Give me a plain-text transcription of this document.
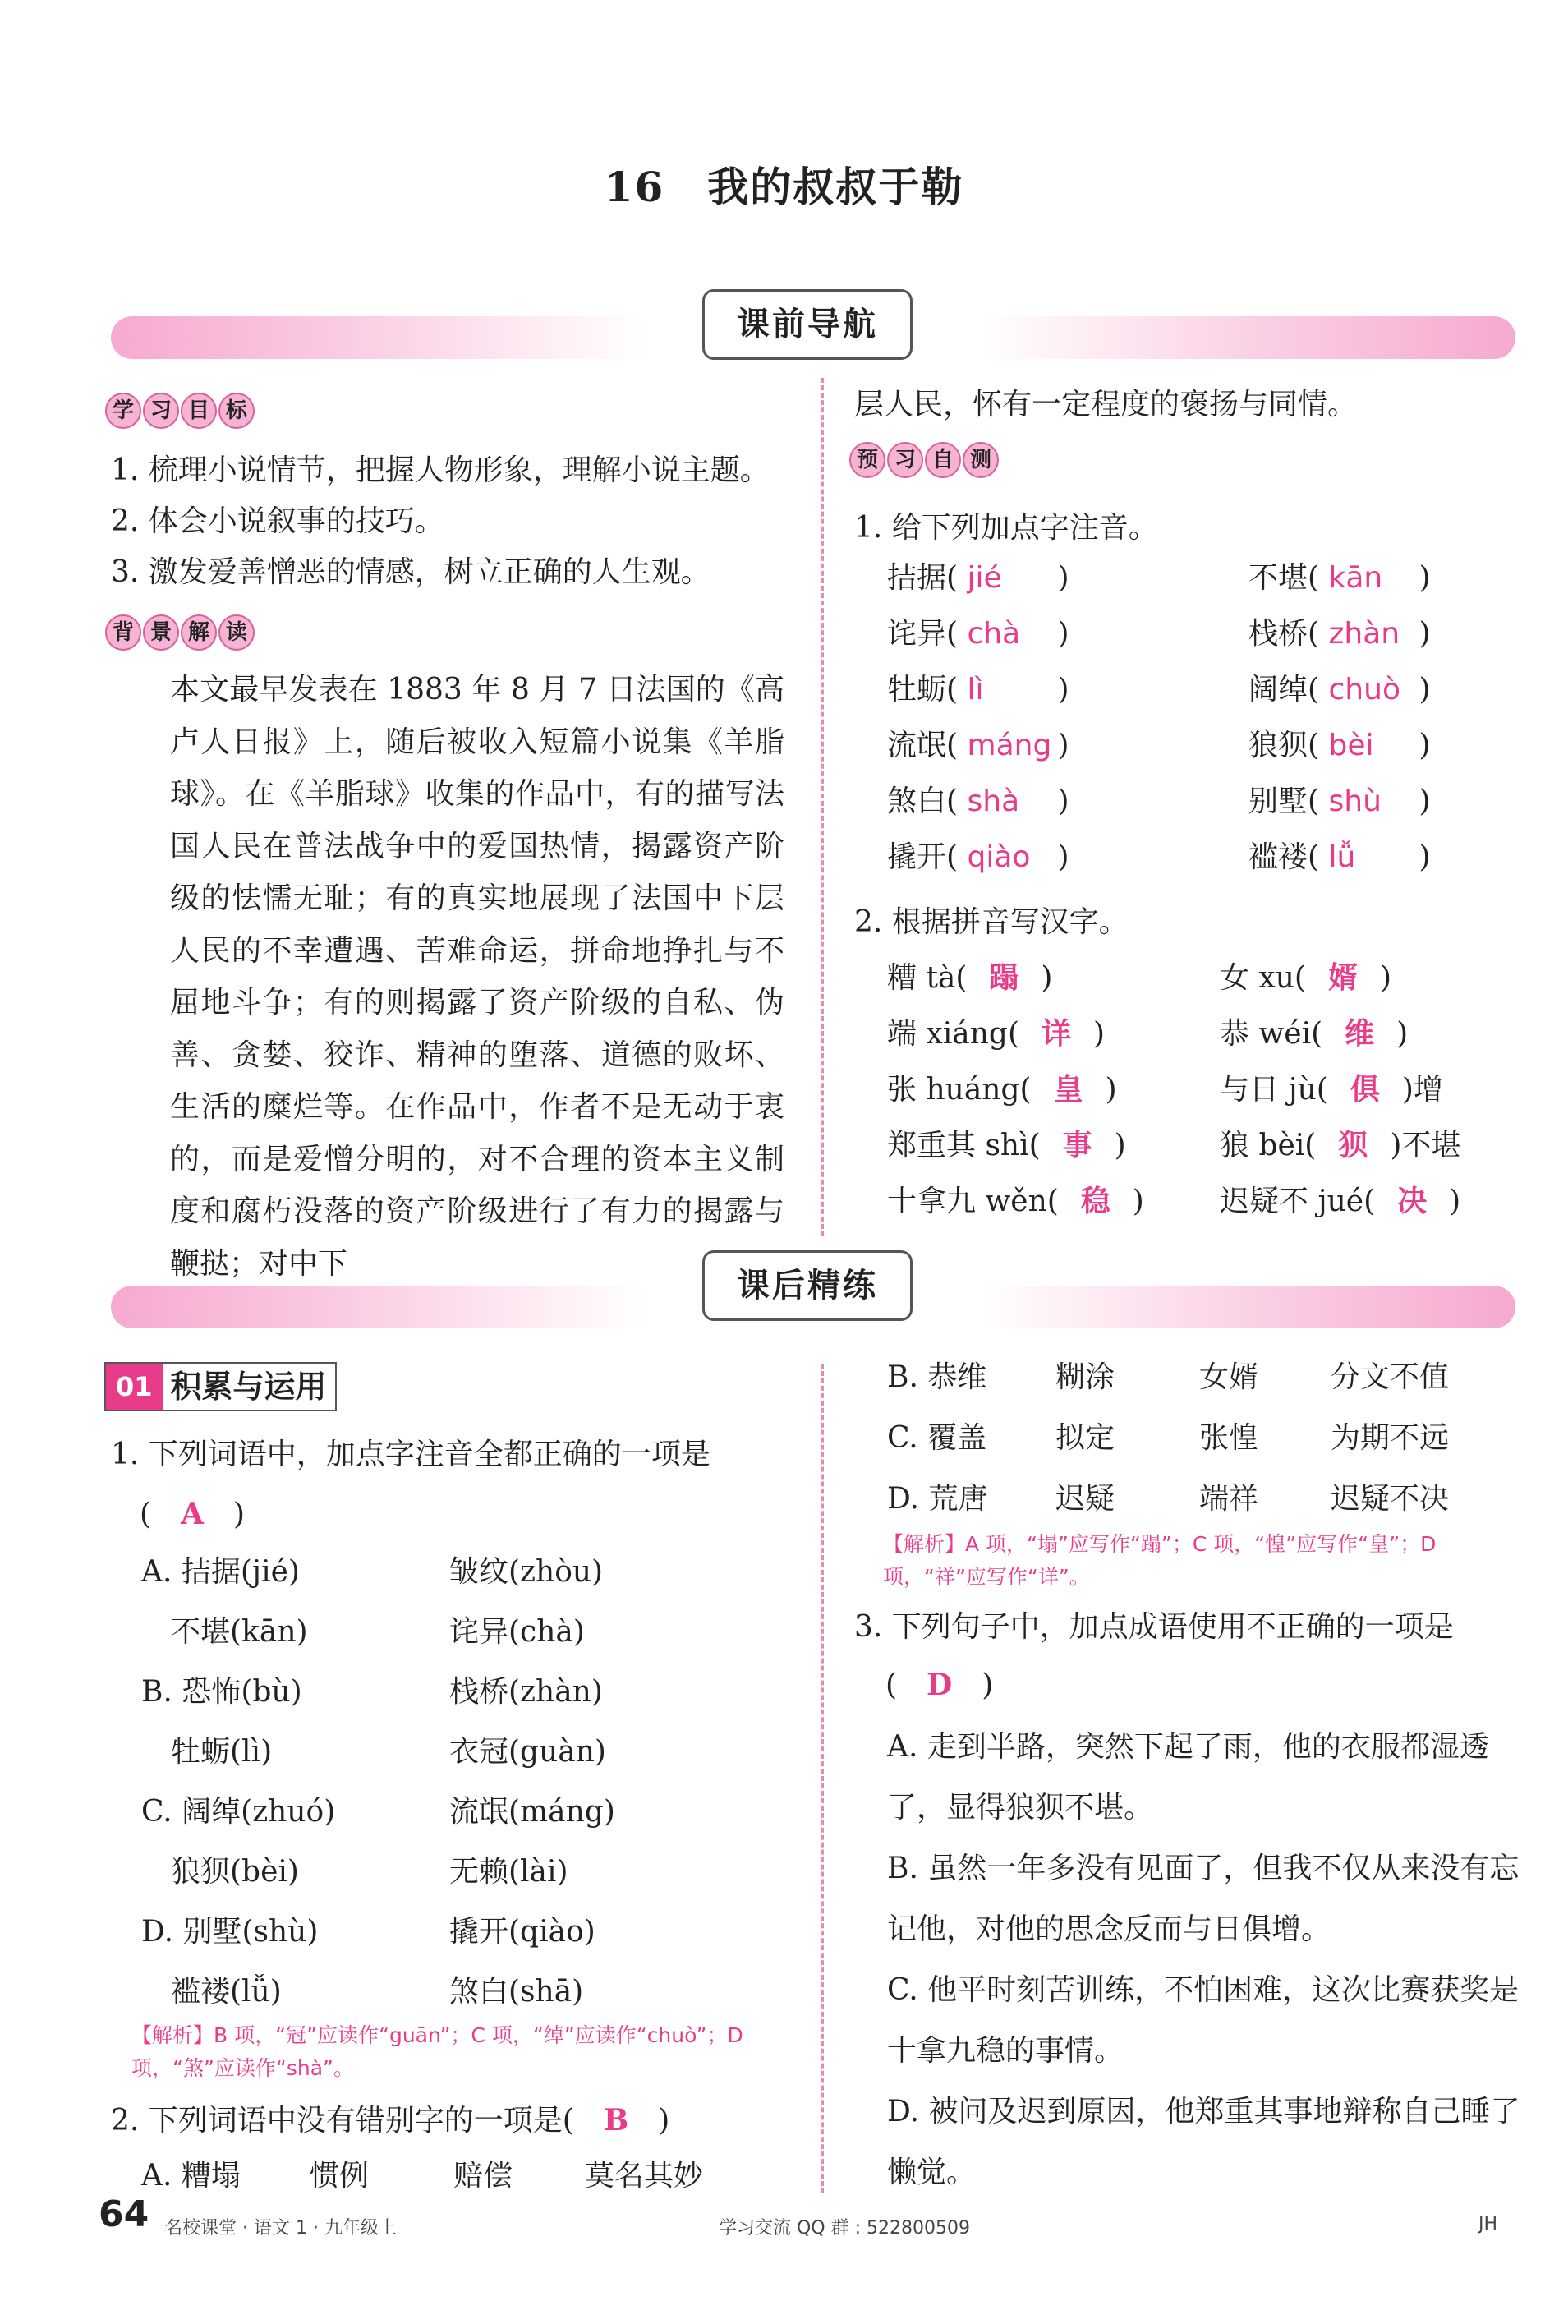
16　我的叔叔于勒
课前导航
学 习 目 标
1. 梳理小说情节，把握人物形象，理解小说主题。
2. 体会小说叙事的技巧。
3. 激发爱善憎恶的情感，树立正确的人生观。
背 景 解 读
本文最早发表在 1883 年 8 月 7 日法国的《高卢人日报》上，随后被收入短篇小说集《羊脂球》。在《羊脂球》收集的作品中，有的描写法国人民在普法战争中的爱国热情，揭露资产阶级的怯懦无耻；有的真实地展现了法国中下层人民的不幸遭遇、苦难命运，拼命地挣扎与不屈地斗争；有的则揭露了资产阶级的自私、伪善、贪婪、狡诈、精神的堕落、道德的败坏、生活的糜烂等。在作品中，作者不是无动于衷的，而是爱憎分明的，对不合理的资本主义制度和腐朽没落的资产阶级进行了有力的揭露与鞭挞；对中下
层人民，怀有一定程度的褒扬与同情。
预 习 自 测
1. 给下列加点字注音。
拮据( jié )	不堪( kān )
诧异( chà )	栈桥( zhàn )
牡蛎( lì )	阔绰( chuò )
流氓( máng )	狼狈( bèi )
煞白( shà )	别墅( shù )
撬开( qiào )	褴褛( lǚ )
2. 根据拼音写汉字。
糟 tà( 蹋 )	女 xu( 婿 )
端 xiáng( 详 )	恭 wéi( 维 )
张 huáng( 皇 )	与日 jù( 俱 )增
郑重其 shì( 事 )	狼 bèi( 狈 )不堪
十拿九 wěn( 稳 )	迟疑不 jué( 决 )
课后精练
01 积累与运用
1. 下列词语中，加点字注音全都正确的一项是
(　A　)
A. 拮据(jié)	皱纹(zhòu)
　不堪(kān)	诧异(chà)
B. 恐怖(bù)	栈桥(zhàn)
　牡蛎(lì)	衣冠(guàn)
C. 阔绰(zhuó)	流氓(máng)
　狼狈(bèi)	无赖(lài)
D. 别墅(shù)	撬开(qiào)
　褴褛(lǚ)	煞白(shā)
【解析】B 项，“冠”应读作“guān”；C 项，“绰”应读作“chuò”；D 项，“煞”应读作“shà”。
2. 下列词语中没有错别字的一项是(　 B　)
A. 糟塌 惯例	赔偿 莫名其妙
B. 恭维 糊涂	女婿 分文不值
C. 覆盖 拟定	张惶 为期不远
D. 荒唐 迟疑	端祥 迟疑不决
【解析】A 项，“塌”应写作“蹋”；C 项，“惶”应写作“皇”；D 项，“祥”应写作“详”。
3. 下列句子中，加点成语使用不正确的一项是
(　D　)
A. 走到半路，突然下起了雨，他的衣服都湿透了，显得狼狈不堪。
B. 虽然一年多没有见面了，但我不仅从来没有忘记他，对他的思念反而与日俱增。
C. 他平时刻苦训练，不怕困难，这次比赛获奖是十拿九稳的事情。
D. 被问及迟到原因，他郑重其事地辩称自己睡了懒觉。
64 名校课堂 · 语文 1 · 九年级上	学习交流 QQ 群 : 522800509	JH
